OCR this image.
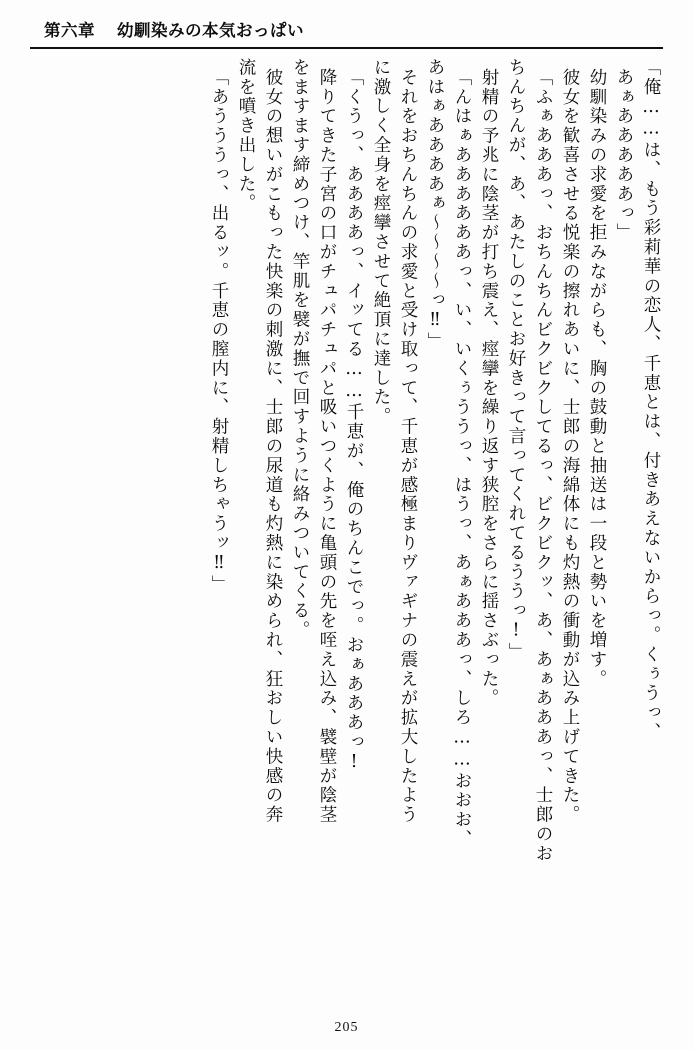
第六章 幼馴染みの本気おっぱい
「俺……は、もう彩莉華の恋人、千恵とは、付きあえないからっ。くぅうっ、
あぁあああああっ」
幼馴染みの求愛を拒みながらも、胸の鼓動と抽送は一段と勢いを増す。
彼女を歓喜させる悦楽の擦れあいに、士郎の海綿体にも灼熱の衝動が込み上げてきた。
「ふぁあああっ、おちんちんビクビクしてるっ、ビクビクッ、あ、あぁあああっ、士郎のお
ちんちんが、あ、あたしのことお好きって言ってくれてるううっ!」
射精の予兆に陰茎が打ち震え、痙攣を繰り返す狭腔をさらに揺さぶった。
「んはぁああああああっ、い、いくぅううっ、はうっ、あぁあああっ、しろ……おおお、
あはぁああああぁ〜〜〜〜っ‼」
それをおちんちんの求愛と受け取って、千恵が感極まりヴァギナの震えが拡大したよう
に激しく全身を痙攣させて絶頂に達した。
「くうっ、ああああっ、イッてる……千恵が、俺のちんこでっ。おぁあああっ!
降りてきた子宮の口がチュパチュパと吸いつくように亀頭の先を咥え込み、襞壁が陰茎
をますます締めつけ、竿肌を襞が撫で回すように絡みついてくる。
彼女の想いがこもった快楽の刺激に、士郎の尿道も灼熱に染められ、狂おしい快感の奔
流を噴き出した。
「あうううっ、出るッ。千恵の膣内に、射精しちゃうッ‼」
205
